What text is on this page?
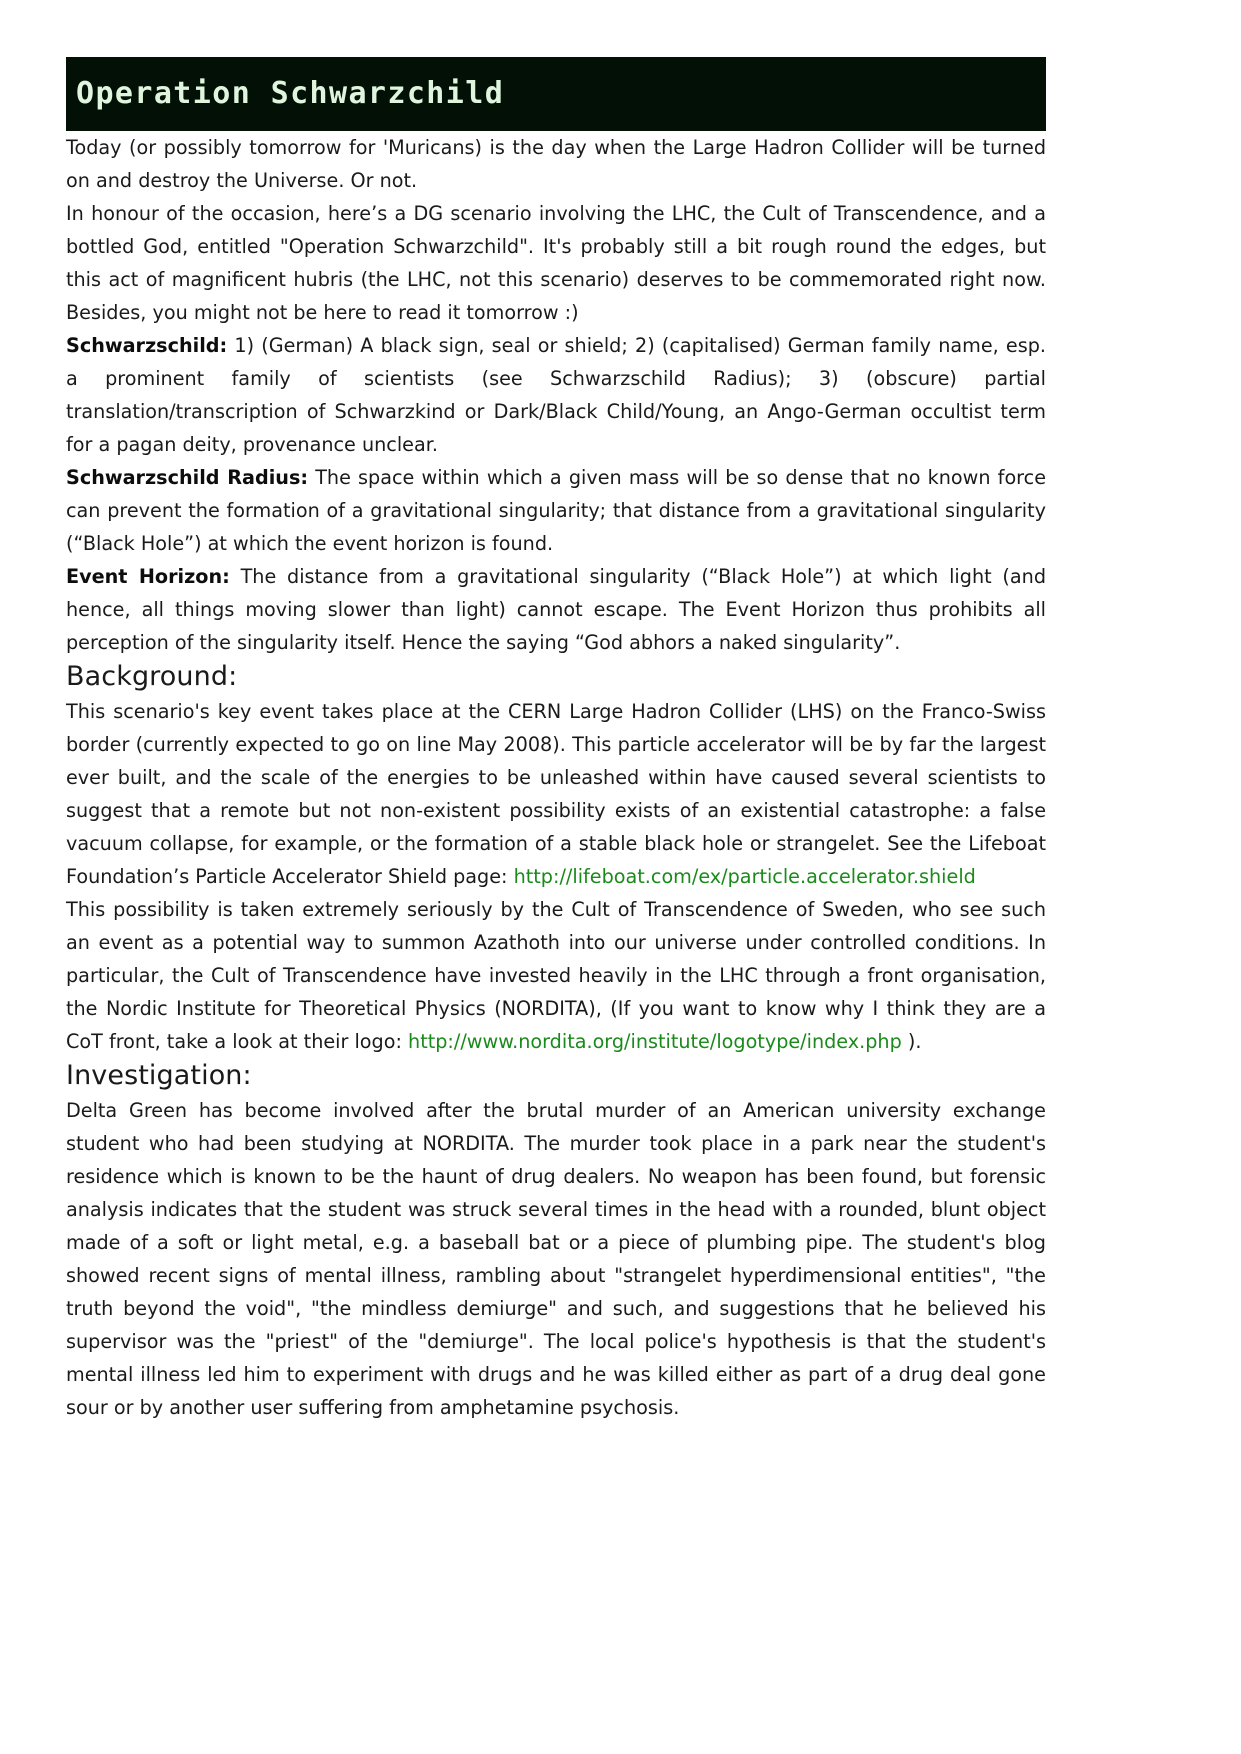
Operation Schwarzchild

Today (or possibly tomorrow for 'Muricans) is the day when the Large Hadron Collider will be turned on and destroy the Universe. Or not.

In honour of the occasion, here’s a DG scenario involving the LHC, the Cult of Transcendence, and a bottled God, entitled "Operation Schwarzchild". It's probably still a bit rough round the edges, but this act of magnificent hubris (the LHC, not this scenario) deserves to be commemorated right now. Besides, you might not be here to read it tomorrow :)

Schwarzschild: 1) (German) A black sign, seal or shield; 2) (capitalised) German family name, esp. a prominent family of scientists (see Schwarzschild Radius); 3) (obscure) partial translation/transcription of Schwarzkind or Dark/Black Child/Young, an Ango-German occultist term for a pagan deity, provenance unclear.

Schwarzschild Radius: The space within which a given mass will be so dense that no known force can prevent the formation of a gravitational singularity; that distance from a gravitational singularity (“Black Hole”) at which the event horizon is found.

Event Horizon: The distance from a gravitational singularity (“Black Hole”) at which light (and hence, all things moving slower than light) cannot escape. The Event Horizon thus prohibits all perception of the singularity itself. Hence the saying “God abhors a naked singularity”.

Background:

This scenario's key event takes place at the CERN Large Hadron Collider (LHS) on the Franco-Swiss border (currently expected to go on line May 2008). This particle accelerator will be by far the largest ever built, and the scale of the energies to be unleashed within have caused several scientists to suggest that a remote but not non-existent possibility exists of an existential catastrophe: a false vacuum collapse, for example, or the formation of a stable black hole or strangelet. See the Lifeboat Foundation’s Particle Accelerator Shield page: http://lifeboat.com/ex/particle.accelerator.shield

This possibility is taken extremely seriously by the Cult of Transcendence of Sweden, who see such an event as a potential way to summon Azathoth into our universe under controlled conditions. In particular, the Cult of Transcendence have invested heavily in the LHC through a front organisation, the Nordic Institute for Theoretical Physics (NORDITA), (If you want to know why I think they are a CoT front, take a look at their logo: http://www.nordita.org/institute/logotype/index.php ).

Investigation:

Delta Green has become involved after the brutal murder of an American university exchange student who had been studying at NORDITA. The murder took place in a park near the student's residence which is known to be the haunt of drug dealers. No weapon has been found, but forensic analysis indicates that the student was struck several times in the head with a rounded, blunt object made of a soft or light metal, e.g. a baseball bat or a piece of plumbing pipe. The student's blog showed recent signs of mental illness, rambling about "strangelet hyperdimensional entities", "the truth beyond the void", "the mindless demiurge" and such, and suggestions that he believed his supervisor was the "priest" of the "demiurge". The local police's hypothesis is that the student's mental illness led him to experiment with drugs and he was killed either as part of a drug deal gone sour or by another user suffering from amphetamine psychosis.
